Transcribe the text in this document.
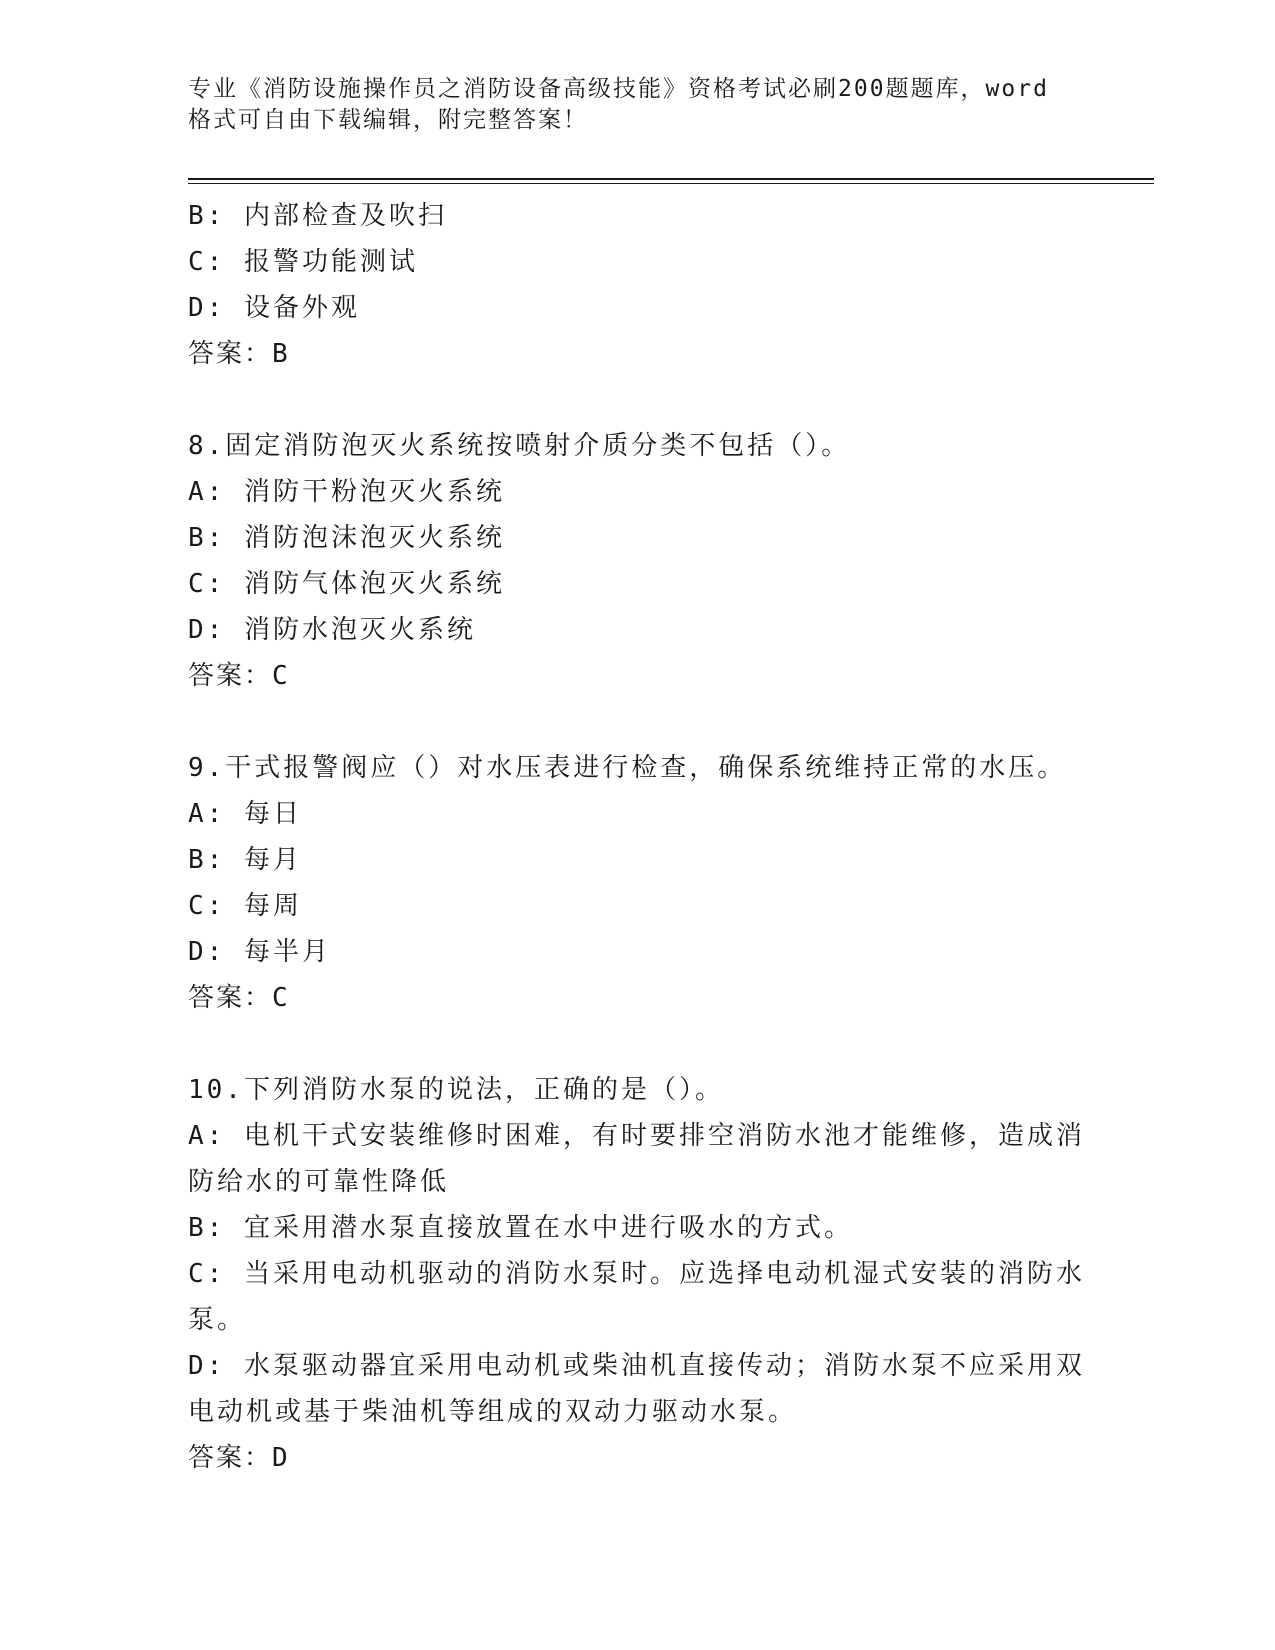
专业《消防设施操作员之消防设备高级技能》资格考试必刷200题题库，word格式可自由下载编辑，附完整答案！
B: 内部检查及吹扫
C: 报警功能测试
D: 设备外观
答案：B
8.固定消防泡灭火系统按喷射介质分类不包括（）。
A: 消防干粉泡灭火系统
B: 消防泡沫泡灭火系统
C: 消防气体泡灭火系统
D: 消防水泡灭火系统
答案：C
9.干式报警阀应（）对水压表进行检查，确保系统维持正常的水压。
A: 每日
B: 每月
C: 每周
D: 每半月
答案：C
10.下列消防水泵的说法，正确的是（）。
A: 电机干式安装维修时困难，有时要排空消防水池才能维修，造成消防给水的可靠性降低
B: 宜采用潜水泵直接放置在水中进行吸水的方式。
C: 当采用电动机驱动的消防水泵时。应选择电动机湿式安装的消防水泵。
D: 水泵驱动器宜采用电动机或柴油机直接传动；消防水泵不应采用双电动机或基于柴油机等组成的双动力驱动水泵。
答案：D
